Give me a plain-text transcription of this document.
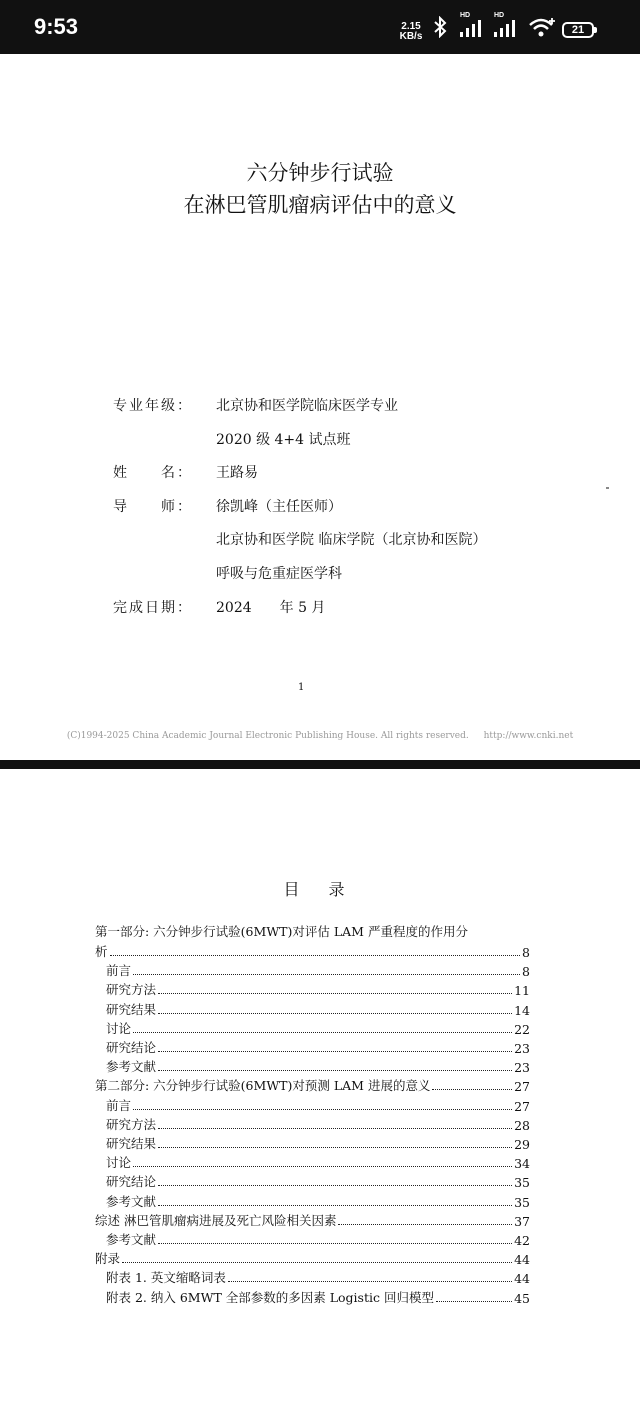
9:53	2.15
KB/s
HD	HD
21
六分钟步行试验
在淋巴管肌瘤病评估中的意义
专业年级： 北京协和医学院临床医学专业
2020 级 4+4 试点班
姓　　名： 王路易
导　　师： 徐凯峰（主任医师）
北京协和医学院 临床学院（北京协和医院）
呼吸与危重症医学科
完成日期： 2024　　年 5 月
1
(C)1994-2025 China Academic Journal Electronic Publishing House. All rights reserved. http://www.cnki.net
目 录
第一部分: 六分钟步行试验(6MWT)对评估 LAM 严重程度的作用分
析	8
前言	8
研究方法	11
研究结果	14
讨论	22
研究结论	23
参考文献	23
第二部分: 六分钟步行试验(6MWT)对预测 LAM 进展的意义	27
前言	27
研究方法	28
研究结果	29
讨论	34
研究结论	35
参考文献	35
综述 淋巴管肌瘤病进展及死亡风险相关因素	37
参考文献	42
附录	44
附表 1. 英文缩略词表	44
附表 2. 纳入 6MWT 全部参数的多因素 Logistic 回归模型	45
